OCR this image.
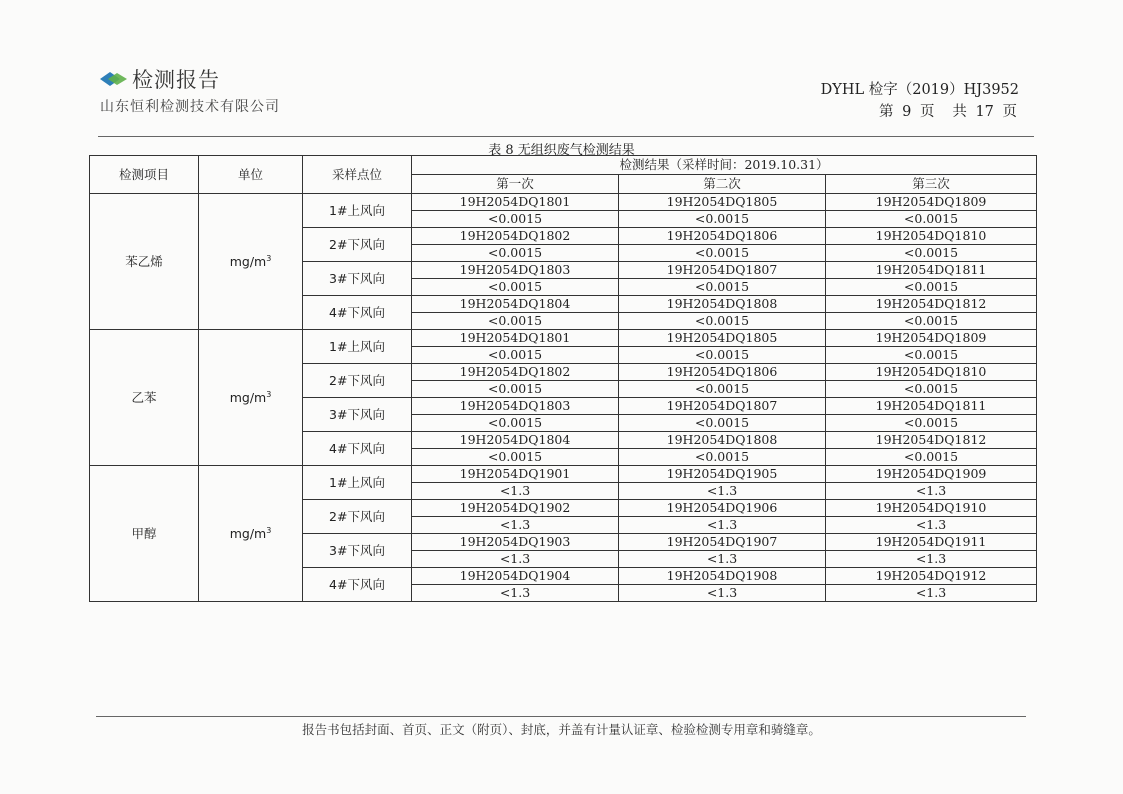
检测报告
山东恒利检测技术有限公司
DYHL 检字（2019）HJ3952
第 9 页 共 17 页
表 8 无组织废气检测结果
检测项目	单位	采样点位	检测结果（采样时间：2019.10.31）		
			第一次	第二次	第三次
苯乙烯	$mg/m^3$	1#上风向	19H2054DQ1801	19H2054DQ1805	19H2054DQ1809
			<0.0015	<0.0015	<0.0015
		2#下风向	19H2054DQ1802	19H2054DQ1806	19H2054DQ1810
			<0.0015	<0.0015	<0.0015
		3#下风向	19H2054DQ1803	19H2054DQ1807	19H2054DQ1811
			<0.0015	<0.0015	<0.0015
		4#下风向	19H2054DQ1804	19H2054DQ1808	19H2054DQ1812
			<0.0015	<0.0015	<0.0015
乙苯	$mg/m^3$	1#上风向	19H2054DQ1801	19H2054DQ1805	19H2054DQ1809
			<0.0015	<0.0015	<0.0015
		2#下风向	19H2054DQ1802	19H2054DQ1806	19H2054DQ1810
			<0.0015	<0.0015	<0.0015
		3#下风向	19H2054DQ1803	19H2054DQ1807	19H2054DQ1811
			<0.0015	<0.0015	<0.0015
		4#下风向	19H2054DQ1804	19H2054DQ1808	19H2054DQ1812
			<0.0015	<0.0015	<0.0015
甲醇	$mg/m^3$	1#上风向	19H2054DQ1901	19H2054DQ1905	19H2054DQ1909
			<1.3	<1.3	<1.3
		2#下风向	19H2054DQ1902	19H2054DQ1906	19H2054DQ1910
			<1.3	<1.3	<1.3
		3#下风向	19H2054DQ1903	19H2054DQ1907	19H2054DQ1911
			<1.3	<1.3	<1.3
		4#下风向	19H2054DQ1904	19H2054DQ1908	19H2054DQ1912
			<1.3	<1.3	<1.3
报告书包括封面、首页、正文（附页）、封底，并盖有计量认证章、检验检测专用章和骑缝章。
